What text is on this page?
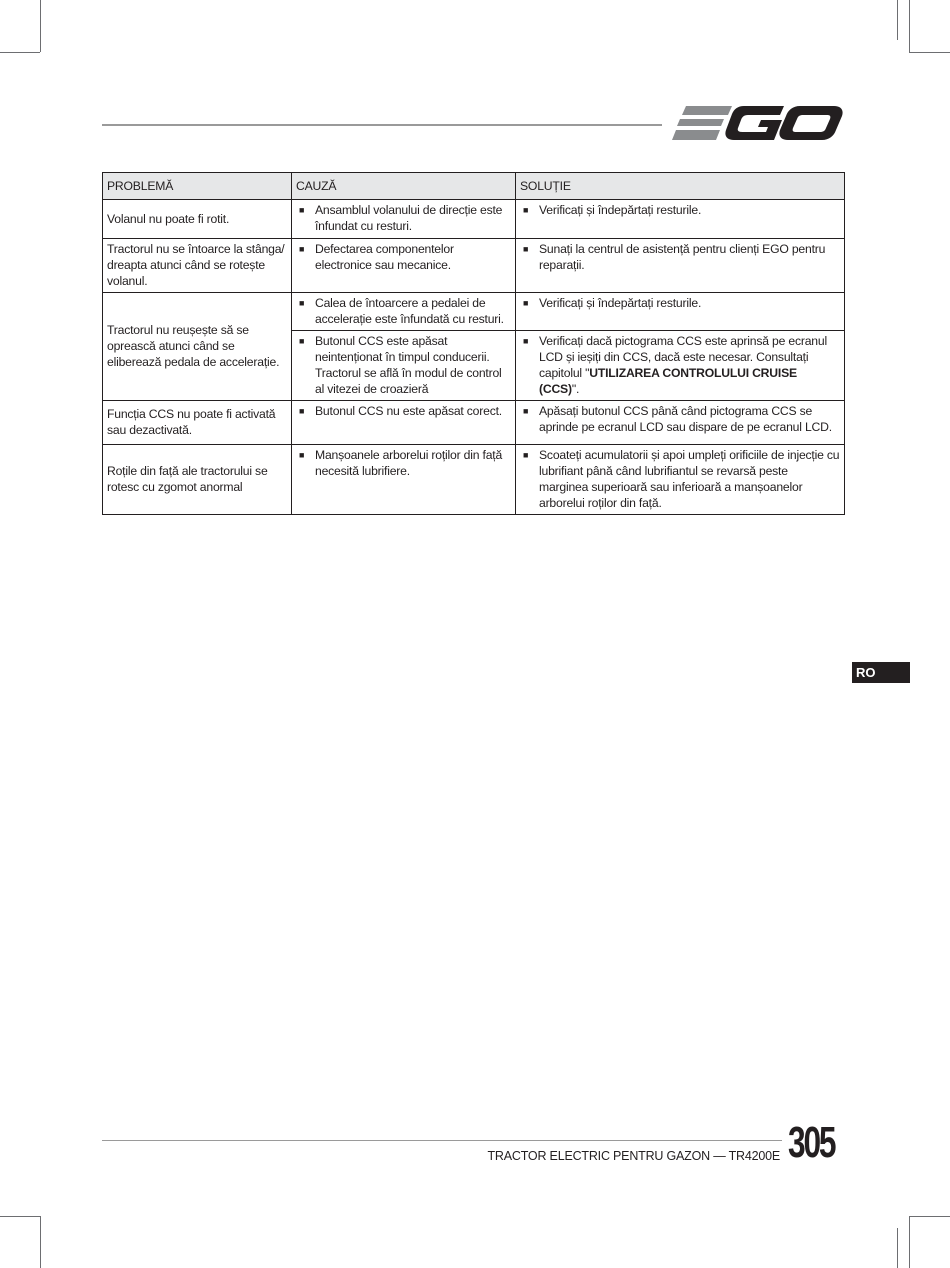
PROBLEMĂ	CAUZĂ	SOLUȚIE
Volanul nu poate fi rotit.	■ Ansamblul volanului de direcție este înfundat cu resturi.	■ Verificați și îndepărtați resturile.

Tractorul nu se întoarce la stânga/ dreapta atunci când se rotește volanul.	■ Defectarea componentelor electronice sau mecanice.	■ Sunați la centrul de asistență pentru clienți EGO pentru reparații.

Tractorul nu reușește să se oprească atunci când se eliberează pedala de accelerație.	■ Calea de întoarcere a pedalei de accelerație este înfundată cu resturi.	■ Verificați și îndepărtați resturile.

	■ Butonul CCS este apăsat neintenționat în timpul conducerii. Tractorul se află în modul de control al vitezei de croazieră	■ Verificați dacă pictograma CCS este aprinsă pe ecranul LCD și ieșiți din CCS, dacă este necesar. Consultați capitolul "UTILIZAREA CONTROLULUI CRUISE (CCS)".

Funcția CCS nu poate fi activată sau dezactivată.	■ Butonul CCS nu este apăsat corect.	■ Apăsați butonul CCS până când pictograma CCS se aprinde pe ecranul LCD sau dispare de pe ecranul LCD.

Roțile din față ale tractorului se rotesc cu zgomot anormal	■ Manșoanele arborelui roților din față necesită lubrifiere.	■ Scoateți acumulatorii și apoi umpleți orificiile de injecție cu lubrifiant până când lubrifiantul se revarsă peste marginea superioară sau inferioară a manșoanelor arborelui roților din față.
RO
TRACTOR ELECTRIC PENTRU GAZON — TR4200E 305
